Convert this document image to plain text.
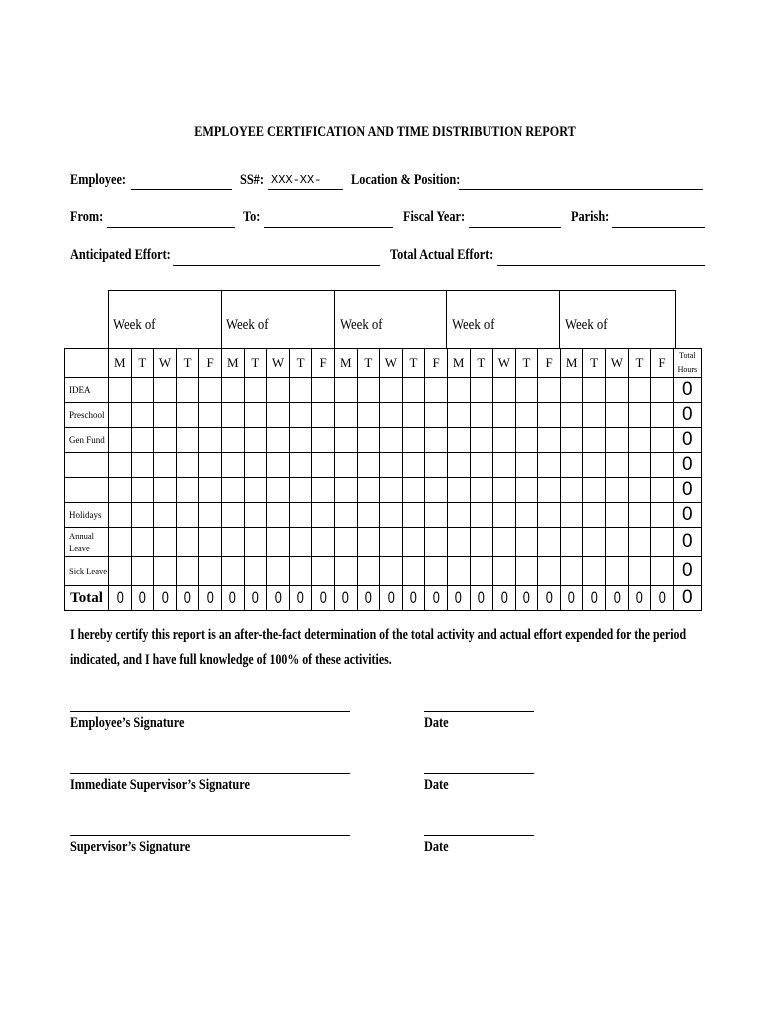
EMPLOYEE CERTIFICATION AND TIME DISTRIBUTION REPORT
Employee:	SS#: XXX-XX- Location & Position:
From:	To:	Fiscal Year:	Parish:
Anticipated Effort:	Total Actual Effort:
Week of	Week of	Week of	Week of	Week of
	M	T	W	T	F	M	T	W	T	F	M	T	W	T	F	M	T	W	T	F	M	T	W	T	F	Total Hours
IDEA																										0
Preschool																										0
Gen Fund																										0
																										0
																										0
Holidays																										0
Annual Leave																										0
Sick Leave																										0
Total	0	0	0	0	0	0	0	0	0	0	0	0	0	0	0	0	0	0	0	0	0	0	0	0	0	0
I hereby certify this report is an after-the-fact determination of the total activity and actual effort expended for the period indicated, and I have full knowledge of 100% of these activities.
Employee’s Signature	Date
Immediate Supervisor’s Signature	Date
Supervisor’s Signature	Date
